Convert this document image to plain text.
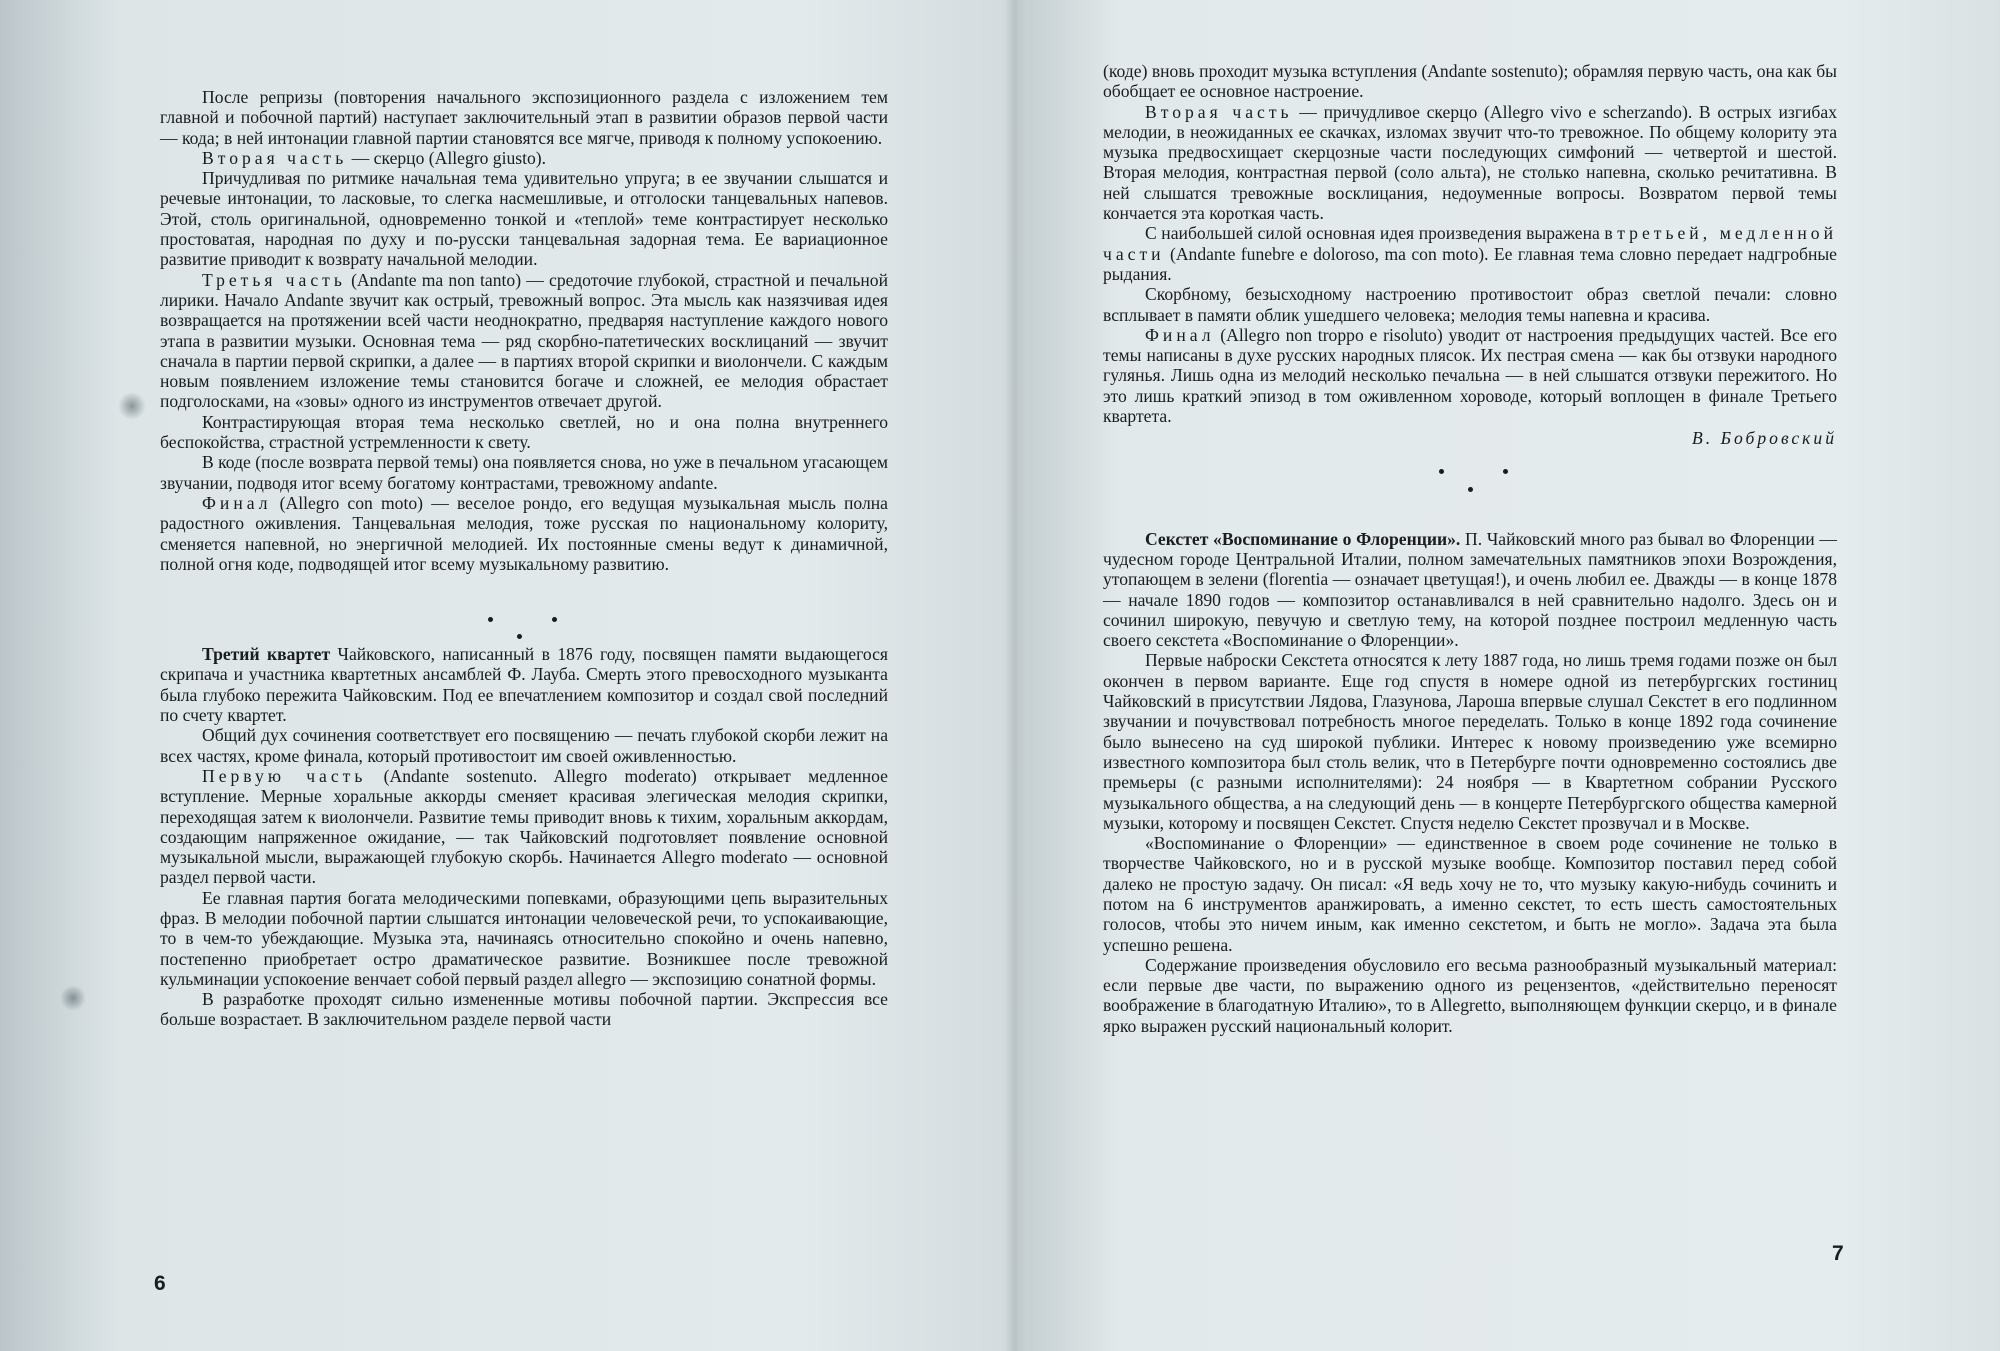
После репризы (повторения начального экспозиционного раздела с изложением тем главной и побочной партий) наступает заключительный этап в развитии образов первой части — кода; в ней интонации главной партии становятся все мягче, приводя к полному успокоению.

Вторая часть — скерцо (Allegro giusto).

Причудливая по ритмике начальная тема удивительно упруга; в ее звучании слышатся и речевые интонации, то ласковые, то слегка насмешливые, и отголоски танцевальных напевов. Этой, столь оригинальной, одновременно тонкой и «теплой» теме контрастирует несколько простоватая, народная по духу и по-русски танцевальная задорная тема. Ее вариационное развитие приводит к возврату начальной мелодии.

Третья часть (Andante ma non tanto) — средоточие глубокой, страстной и печальной лирики. Начало Andante звучит как острый, тревожный вопрос. Эта мысль как назязчивая идея возвращается на протяжении всей части неоднократно, предваряя наступление каждого нового этапа в развитии музыки. Основная тема — ряд скорбно-патетических восклицаний — звучит сначала в партии первой скрипки, а далее — в партиях второй скрипки и виолончели. С каждым новым появлением изложение темы становится богаче и сложней, ее мелодия обрастает подголосками, на «зовы» одного из инструментов отвечает другой.

Контрастирующая вторая тема несколько светлей, но и она полна внутреннего беспокойства, страстной устремленности к свету.

В коде (после возврата первой темы) она появляется снова, но уже в печальном угасающем звучании, подводя итог всему богатому контрастами, тревожному andante.

Финал (Allegro con moto) — веселое рондо, его ведущая музыкальная мысль полна радостного оживления. Танцевальная мелодия, тоже русская по национальному колориту, сменяется напевной, но энергичной мелодией. Их постоянные смены ведут к динамичной, полной огня коде, подводящей итог всему музыкальному развитию.

Третий квартет Чайковского, написанный в 1876 году, посвящен памяти выдающегося скрипача и участника квартетных ансамблей Ф. Лауба. Смерть этого превосходного музыканта была глубоко пережита Чайковским. Под ее впечатлением композитор и создал свой последний по счету квартет.

Общий дух сочинения соответствует его посвящению — печать глубокой скорби лежит на всех частях, кроме финала, который противостоит им своей оживленностью.

Первую часть (Andante sostenuto. Allegro moderato) открывает медленное вступление. Мерные хоральные аккорды сменяет красивая элегическая мелодия скрипки, переходящая затем к виолончели. Развитие темы приводит вновь к тихим, хоральным аккордам, создающим напряженное ожидание, — так Чайковский подготовляет появление основной музыкальной мысли, выражающей глубокую скорбь. Начинается Allegro moderato — основной раздел первой части.

Ее главная партия богата мелодическими попевками, образующими цепь выразительных фраз. В мелодии побочной партии слышатся интонации человеческой речи, то успокаивающие, то в чем-то убеждающие. Музыка эта, начинаясь относительно спокойно и очень напевно, постепенно приобретает остро драматическое развитие. Возникшее после тревожной кульминации успокоение венчает собой первый раздел allegro — экспозицию сонатной формы.

В разработке проходят сильно измененные мотивы побочной партии. Экспрессия все больше возрастает. В заключительном разделе первой части

6

(коде) вновь проходит музыка вступления (Andante sostenuto); обрамляя первую часть, она как бы обобщает ее основное настроение.

Вторая часть — причудливое скерцо (Allegro vivo e scherzando). В острых изгибах мелодии, в неожиданных ее скачках, изломах звучит что-то тревожное. По общему колориту эта музыка предвосхищает скерцозные части последующих симфоний — четвертой и шестой. Вторая мелодия, контрастная первой (соло альта), не столько напевна, сколько речитативна. В ней слышатся тревожные восклицания, недоуменные вопросы. Возвратом первой темы кончается эта короткая часть.

С наибольшей силой основная идея произведения выражена в третьей, медленной части (Andante funebre e doloroso, ma con moto). Ее главная тема словно передает надгробные рыдания.

Скорбному, безысходному настроению противостоит образ светлой печали: словно всплывает в памяти облик ушедшего человека; мелодия темы напевна и красива.

Финал (Allegro non troppo e risoluto) уводит от настроения предыдущих частей. Все его темы написаны в духе русских народных плясок. Их пестрая смена — как бы отзвуки народного гулянья. Лишь одна из мелодий несколько печальна — в ней слышатся отзвуки пережитого. Но это лишь краткий эпизод в том оживленном хороводе, который воплощен в финале Третьего квартета.

В. Бобровский

Секстет «Воспоминание о Флоренции». П. Чайковский много раз бывал во Флоренции — чудесном городе Центральной Италии, полном замечательных памятников эпохи Возрождения, утопающем в зелени (florentia — означает цветущая!), и очень любил ее. Дважды — в конце 1878 — начале 1890 годов — композитор останавливался в ней сравнительно надолго. Здесь он и сочинил широкую, певучую и светлую тему, на которой позднее построил медленную часть своего секстета «Воспоминание о Флоренции».

Первые наброски Секстета относятся к лету 1887 года, но лишь тремя годами позже он был окончен в первом варианте. Еще год спустя в номере одной из петербургских гостиниц Чайковский в присутствии Лядова, Глазунова, Лароша впервые слушал Секстет в его подлинном звучании и почувствовал потребность многое переделать. Только в конце 1892 года сочинение было вынесено на суд широкой публики. Интерес к новому произведению уже всемирно известного композитора был столь велик, что в Петербурге почти одновременно состоялись две премьеры (с разными исполнителями): 24 ноября — в Квартетном собрании Русского музыкального общества, а на следующий день — в концерте Петербургского общества камерной музыки, которому и посвящен Секстет. Спустя неделю Секстет прозвучал и в Москве.

«Воспоминание о Флоренции» — единственное в своем роде сочинение не только в творчестве Чайковского, но и в русской музыке вообще. Композитор поставил перед собой далеко не простую задачу. Он писал: «Я ведь хочу не то, что музыку какую-нибудь сочинить и потом на 6 инструментов аранжировать, а именно секстет, то есть шесть самостоятельных голосов, чтобы это ничем иным, как именно секстетом, и быть не могло». Задача эта была успешно решена.

Содержание произведения обусловило его весьма разнообразный музыкальный материал: если первые две части, по выражению одного из рецензентов, «действительно переносят воображение в благодатную Италию», то в Allegretto, выполняющем функции скерцо, и в финале ярко выражен русский национальный колорит.

7
